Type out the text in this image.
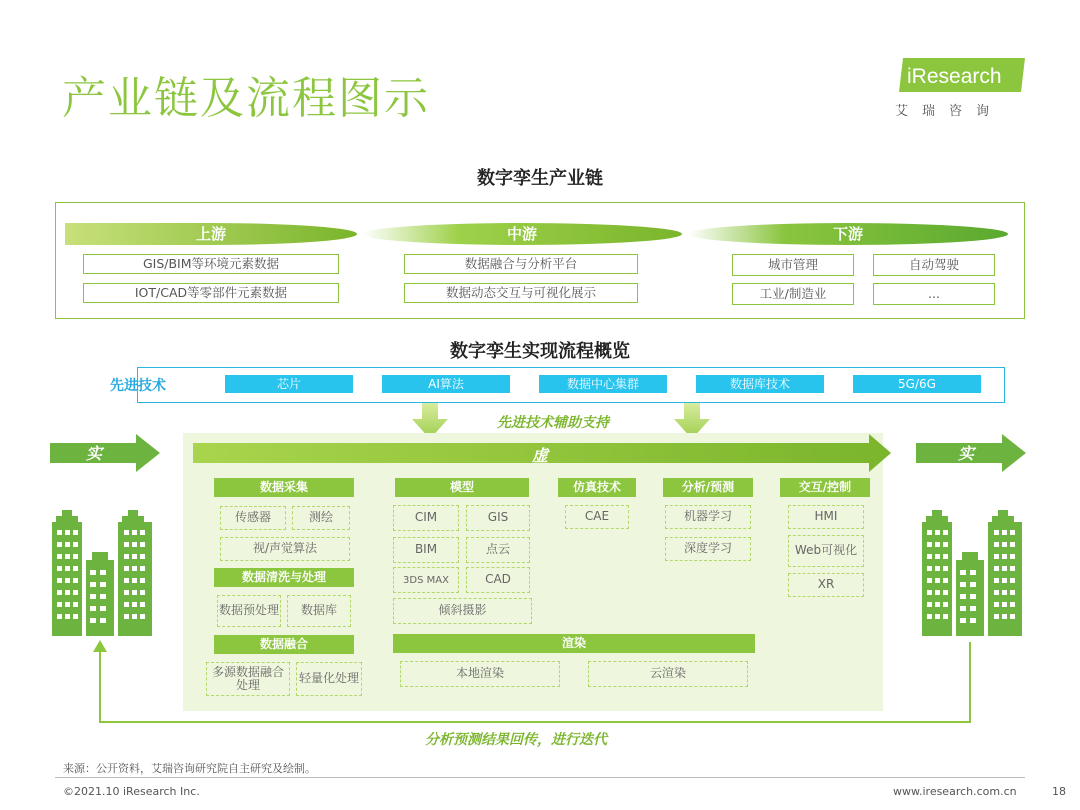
产业链及流程图示	iResearch
艾瑞咨询
数字孪生产业链
上游	中游	下游
GIS/BIM等环境元素数据
IOT/CAD等零部件元素数据
数据融合与分析平台
数据动态交互与可视化展示
城市管理	自动驾驶
工业/制造业	...
数字孪生实现流程概览
先进技术	芯片	AI算法	数据中心集群	数据库技术	5G/6G
先进技术辅助支持
虚
实	实
数据采集
传感器	测绘
视/声觉算法
数据清洗与处理
数据预处理	数据库
数据融合
多源数据融合处理	轻量化处理
模型
CIM	GIS
BIM	点云
3DS MAX	CAD
倾斜摄影
仿真技术
CAE
分析/预测
机器学习
深度学习
交互/控制
HMI
Web可视化
XR
渲染
本地渲染	云渲染
分析预测结果回传，进行迭代
来源：公开资料，艾瑞咨询研究院自主研究及绘制。
©2021.10 iResearch Inc.	www.iresearch.com.cn	18
